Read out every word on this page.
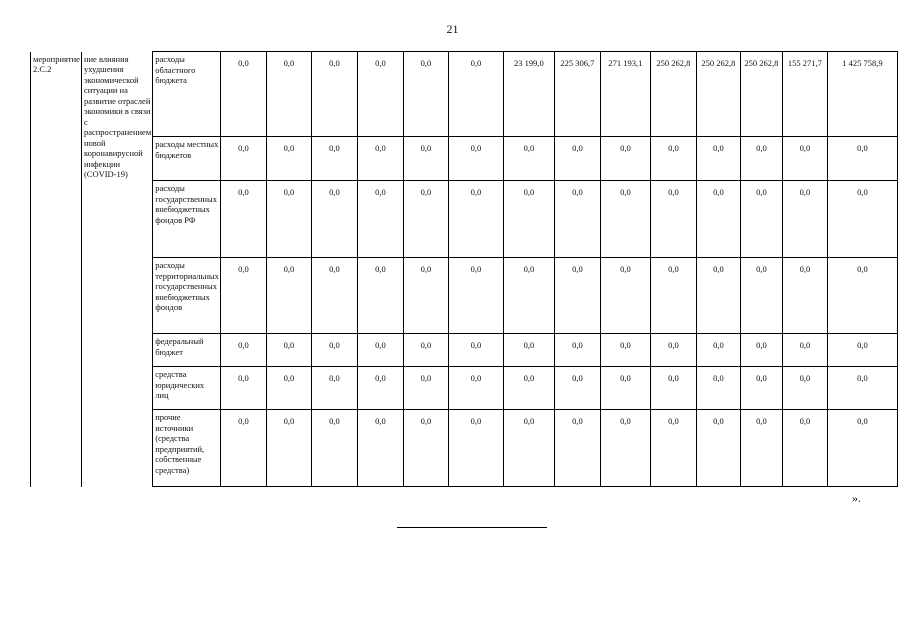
21
мероприятие 2.С.2	ние влияния ухудшения экономической ситуации на развитие отраслей экономики в связи с распространением новой коронавирусной инфекции (COVID-19)	расходы областного бюджета	0,0	0,0	0,0	0,0	0,0	0,0	23 199,0	225 306,7	271 193,1	250 262,8	250 262,8	250 262,8	155 271,7	1 425 758,9
		расходы местных бюджетов	0,0	0,0	0,0	0,0	0,0	0,0	0,0	0,0	0,0	0,0	0,0	0,0	0,0	0,0
		расходы государственных внебюджетных фондов РФ	0,0	0,0	0,0	0,0	0,0	0,0	0,0	0,0	0,0	0,0	0,0	0,0	0,0	0,0
		расходы территориальных государственных внебюджетных фондов	0,0	0,0	0,0	0,0	0,0	0,0	0,0	0,0	0,0	0,0	0,0	0,0	0,0	0,0
		федеральный бюджет	0,0	0,0	0,0	0,0	0,0	0,0	0,0	0,0	0,0	0,0	0,0	0,0	0,0	0,0
		средства юридических лиц	0,0	0,0	0,0	0,0	0,0	0,0	0,0	0,0	0,0	0,0	0,0	0,0	0,0	0,0
		прочие источники (средства предприятий, собственные средства)	0,0	0,0	0,0	0,0	0,0	0,0	0,0	0,0	0,0	0,0	0,0	0,0	0,0	0,0
».
